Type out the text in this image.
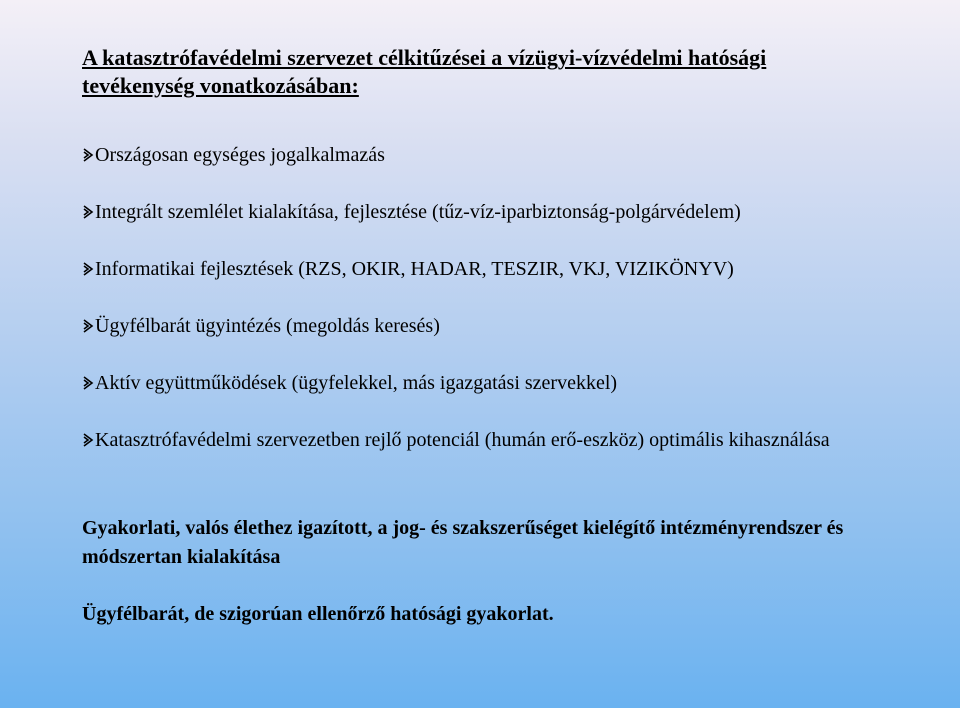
A katasztrófavédelmi szervezet célkitűzései a vízügyi-vízvédelmi hatósági tevékenység vonatkozásában:
Országosan egységes jogalkalmazás
Integrált szemlélet kialakítása, fejlesztése (tűz-víz-iparbiztonság-polgárvédelem)
Informatikai fejlesztések (RZS, OKIR, HADAR, TESZIR, VKJ, VIZIKÖNYV)
Ügyfélbarát ügyintézés (megoldás keresés)
Aktív együttműködések (ügyfelekkel, más igazgatási szervekkel)
Katasztrófavédelmi szervezetben rejlő potenciál (humán erő-eszköz) optimális kihasználása

Gyakorlati, valós élethez igazított, a jog- és szakszerűséget kielégítő intézményrendszer és módszertan kialakítása

Ügyfélbarát, de szigorúan ellenőrző hatósági gyakorlat.
